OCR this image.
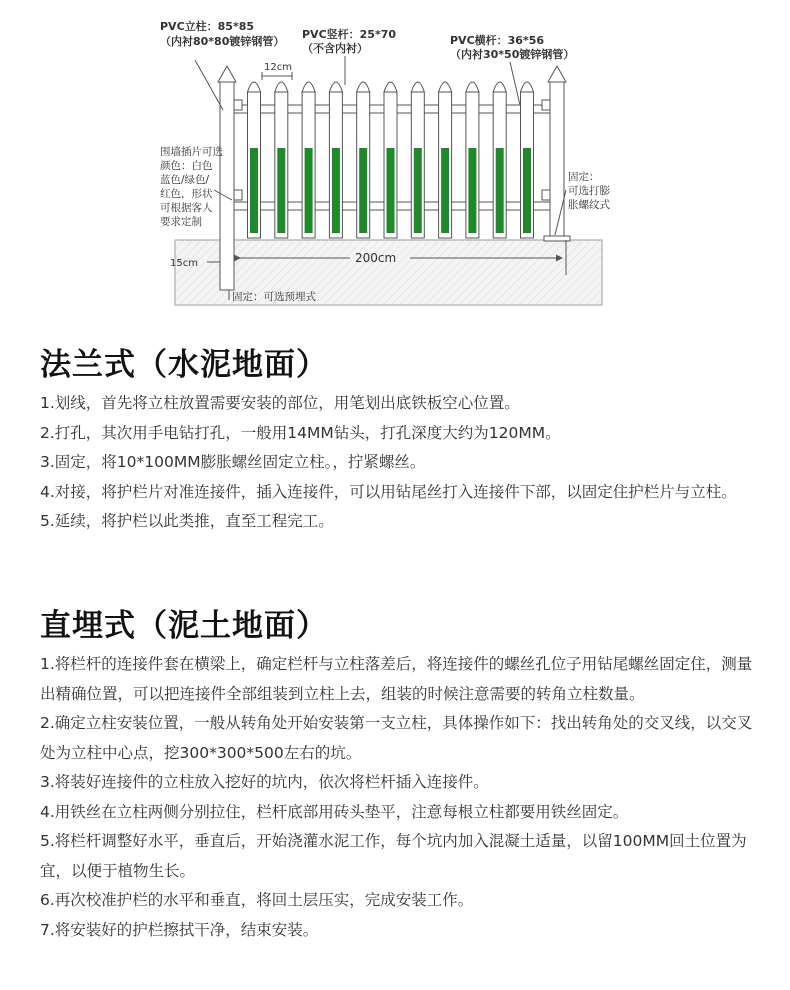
PVC立柱：85*85 （内衬80*80镀锌钢管）
PVC竖杆：25*70 （不含内衬）
PVC横杆：36*56 （内衬30*50镀锌钢管）
12cm
围墙插片可选 颜色：白色 蓝色/绿色/ 红色，形状 可根据客人 要求定制
固定： 可选打膨 胀螺纹式
200cm
15cm
固定：可选预埋式
法兰式（水泥地面）
1.划线，首先将立柱放置需要安装的部位，用笔划出底铁板空心位置。
2.打孔，其次用手电钻打孔，一般用14MM钻头，打孔深度大约为120MM。
3.固定，将10*100MM膨胀螺丝固定立柱。，拧紧螺丝。
4.对接，将护栏片对准连接件，插入连接件，可以用钻尾丝打入连接件下部，以固定住护栏片与立柱。
5.延续，将护栏以此类推，直至工程完工。
直埋式（泥土地面）
1.将栏杆的连接件套在横梁上，确定栏杆与立柱落差后，将连接件的螺丝孔位子用钻尾螺丝固定住，测量出精确位置，可以把连接件全部组装到立柱上去，组装的时候注意需要的转角立柱数量。
2.确定立柱安装位置，一般从转角处开始安装第一支立柱，具体操作如下：找出转角处的交叉线，以交叉处为立柱中心点，挖300*300*500左右的坑。
3.将装好连接件的立柱放入挖好的坑内，依次将栏杆插入连接件。
4.用铁丝在立柱两侧分别拉住，栏杆底部用砖头垫平，注意每根立柱都要用铁丝固定。
5.将栏杆调整好水平，垂直后，开始浇灌水泥工作，每个坑内加入混凝土适量，以留100MM回土位置为宜，以便于植物生长。
6.再次校准护栏的水平和垂直，将回土层压实，完成安装工作。
7.将安装好的护栏擦拭干净，结束安装。
